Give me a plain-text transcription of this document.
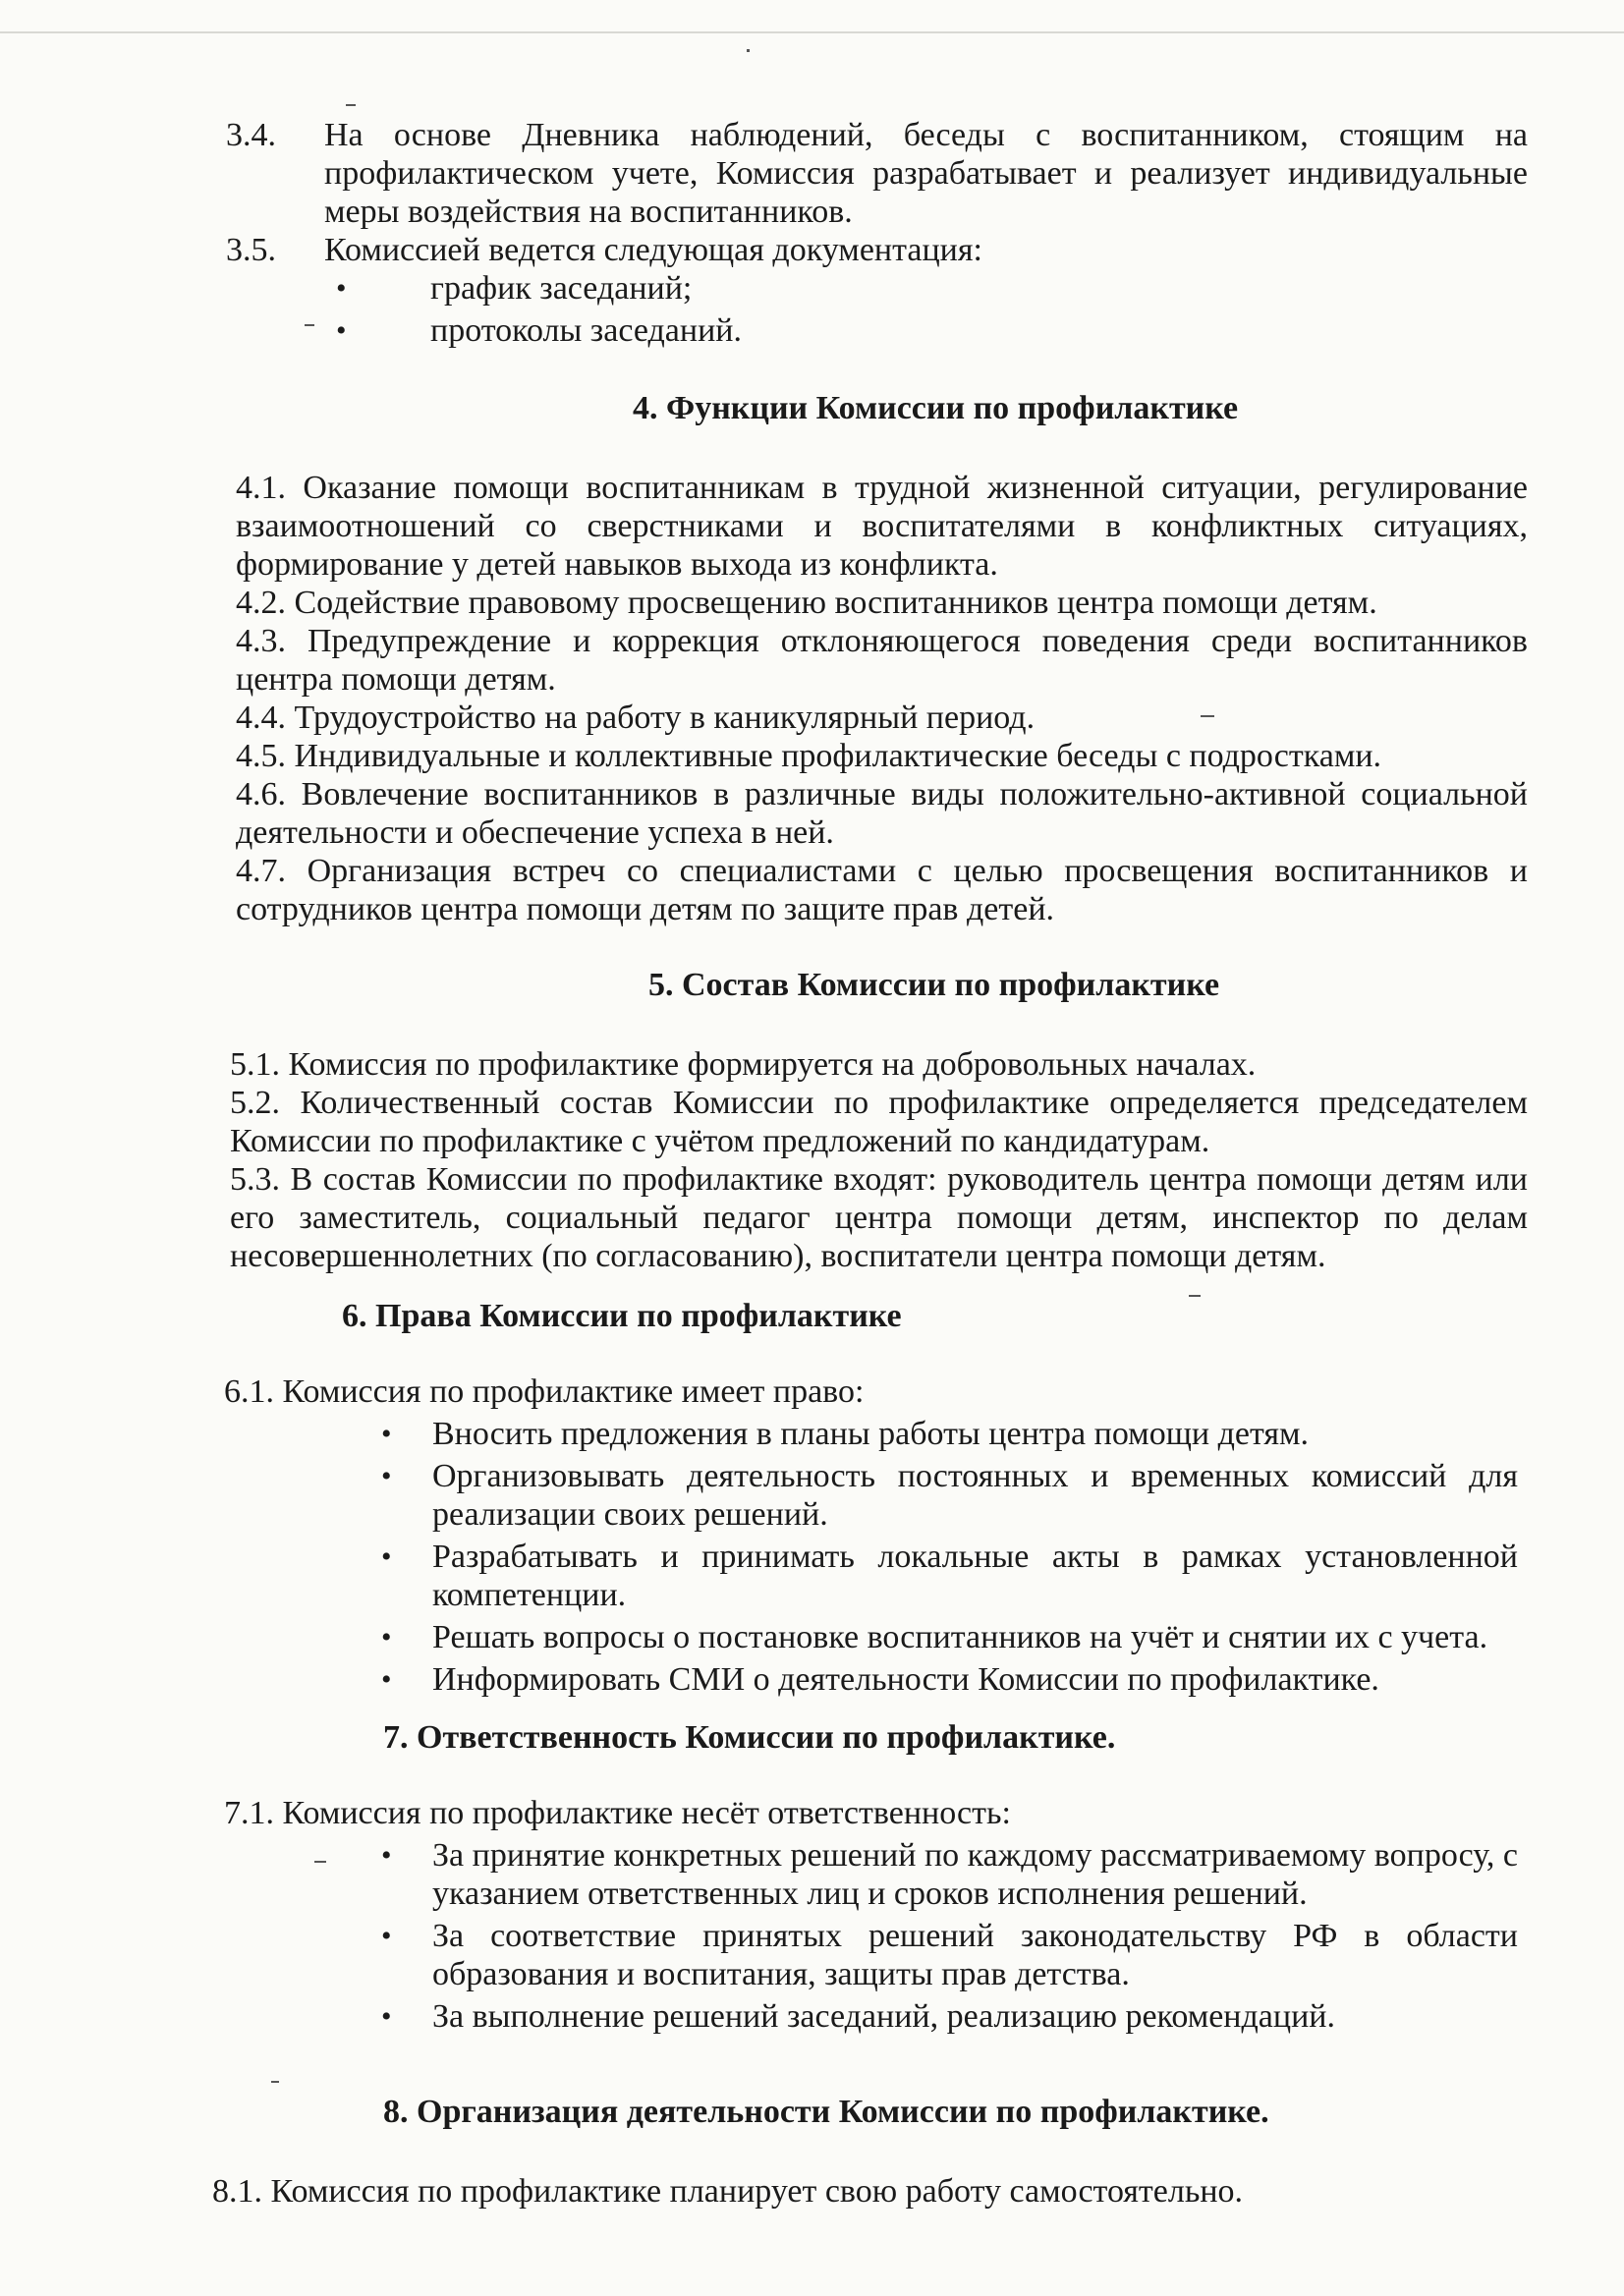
3.4.	На основе Дневника наблюдений, беседы с воспитанником, стоящим на профилактическом учете, Комиссия разрабатывает и реализует индивидуальные меры воздействия на воспитанников.
3.5.	Комиссией ведется следующая документация:
•	график заседаний;
•	протоколы заседаний.

4. Функции Комиссии по профилактике

4.1. Оказание помощи воспитанникам в трудной жизненной ситуации, регулирование взаимоотношений со сверстниками и воспитателями в конфликтных ситуациях, формирование у детей навыков выхода из конфликта.

4.2. Содействие правовому просвещению воспитанников центра помощи детям.

4.3. Предупреждение и коррекция отклоняющегося поведения среди воспитанников центра помощи детям.

4.4. Трудоустройство на работу в каникулярный период.

4.5. Индивидуальные и коллективные профилактические беседы с подростками.

4.6. Вовлечение воспитанников в различные виды положительно-активной социальной деятельности и обеспечение успеха в ней.

4.7. Организация встреч со специалистами с целью просвещения воспитанников и сотрудников центра помощи детям по защите прав детей.

5. Состав Комиссии по профилактике

5.1. Комиссия по профилактике формируется на добровольных началах.

5.2. Количественный состав Комиссии по профилактике определяется председателем Комиссии по профилактике с учётом предложений по кандидатурам.

5.3. В состав Комиссии по профилактике входят: руководитель центра помощи детям или его заместитель, социальный педагог центра помощи детям, инспектор по делам несовершеннолетних (по согласованию), воспитатели центра помощи детям.

6. Права Комиссии по профилактике

6.1. Комиссия по профилактике имеет право:

•	Вносить предложения в планы работы центра помощи детям.
•	Организовывать деятельность постоянных и временных комиссий для реализации своих решений.
•	Разрабатывать и принимать локальные акты в рамках установленной компетенции.
•	Решать вопросы о постановке воспитанников на учёт и снятии их с учета.
•	Информировать СМИ о деятельности Комиссии по профилактике.

7. Ответственность Комиссии по профилактике.

7.1. Комиссия по профилактике несёт ответственность:

•	За принятие конкретных решений по каждому рассматриваемому вопросу, с указанием ответственных лиц и сроков исполнения решений.
•	За соответствие принятых решений законодательству РФ в области образования и воспитания, защиты прав детства.
•	За выполнение решений заседаний, реализацию рекомендаций.

8. Организация деятельности Комиссии по профилактике.

8.1. Комиссия по профилактике планирует свою работу самостоятельно.
